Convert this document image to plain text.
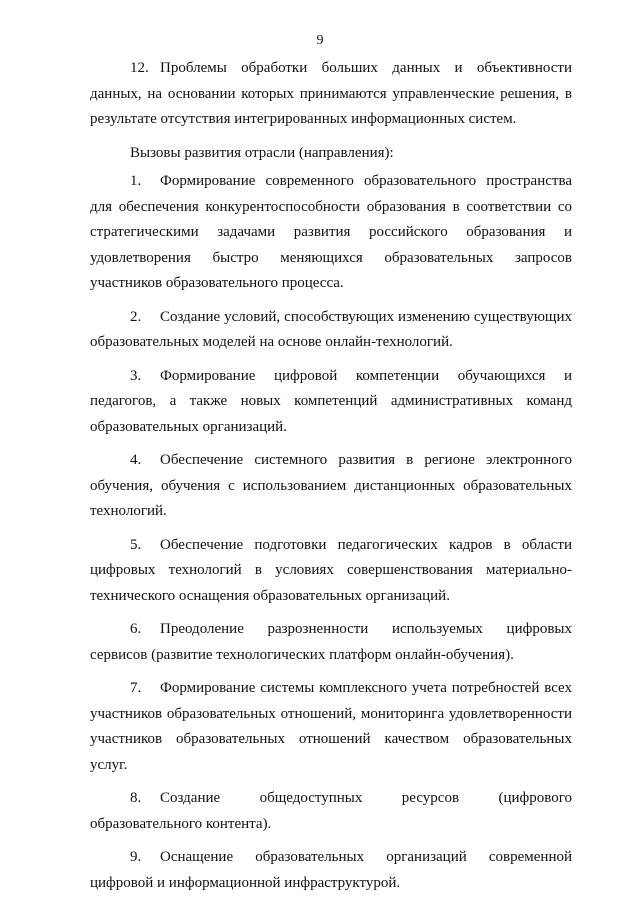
9

12. Проблемы обработки больших данных и объективности данных, на основании которых принимаются управленческие решения, в результате отсутствия интегрированных информационных систем.

Вызовы развития отрасли (направления):

1. Формирование современного образовательного пространства для обеспечения конкурентоспособности образования в соответствии со стратегическими задачами развития российского образования и удовлетворения быстро меняющихся образовательных запросов участников образовательного процесса.

2. Создание условий, способствующих изменению существующих образовательных моделей на основе онлайн-технологий.

3. Формирование цифровой компетенции обучающихся и педагогов, а также новых компетенций административных команд образовательных организаций.

4. Обеспечение системного развития в регионе электронного обучения, обучения с использованием дистанционных образовательных технологий.

5. Обеспечение подготовки педагогических кадров в области цифровых технологий в условиях совершенствования материально-технического оснащения образовательных организаций.

6. Преодоление разрозненности используемых цифровых сервисов (развитие технологических платформ онлайн-обучения).

7. Формирование системы комплексного учета потребностей всех участников образовательных отношений, мониторинга удовлетворенности участников образовательных отношений качеством образовательных услуг.

8. Создание общедоступных ресурсов (цифрового образовательного контента).

9. Оснащение образовательных организаций современной цифровой и информационной инфраструктурой.
